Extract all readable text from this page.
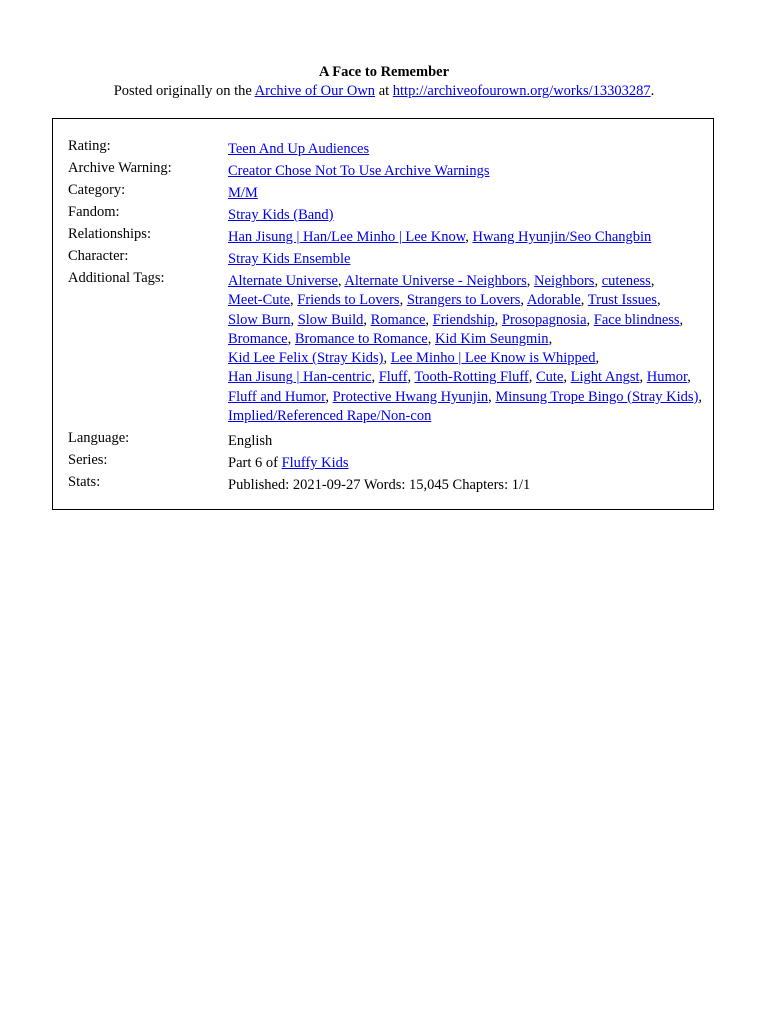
A Face to Remember
Posted originally on the Archive of Our Own at http://archiveofourown.org/works/13303287.
Rating:	Teen And Up Audiences
Archive Warning:	Creator Chose Not To Use Archive Warnings
Category:	M/M
Fandom:	Stray Kids (Band)
Relationships:	Han Jisung | Han/Lee Minho | Lee Know, Hwang Hyunjin/Seo Changbin
Character:	Stray Kids Ensemble
Additional Tags:	Alternate Universe, Alternate Universe - Neighbors, Neighbors, cuteness, Meet-Cute, Friends to Lovers, Strangers to Lovers, Adorable, Trust Issues, Slow Burn, Slow Build, Romance, Friendship, Prosopagnosia, Face blindness, Bromance, Bromance to Romance, Kid Kim Seungmin, Kid Lee Felix (Stray Kids), Lee Minho | Lee Know is Whipped, Han Jisung | Han-centric, Fluff, Tooth-Rotting Fluff, Cute, Light Angst, Humor, Fluff and Humor, Protective Hwang Hyunjin, Minsung Trope Bingo (Stray Kids), Implied/Referenced Rape/Non-con
Language:	English
Series:	Part 6 of Fluffy Kids
Stats:	Published: 2021-09-27 Words: 15,045 Chapters: 1/1
